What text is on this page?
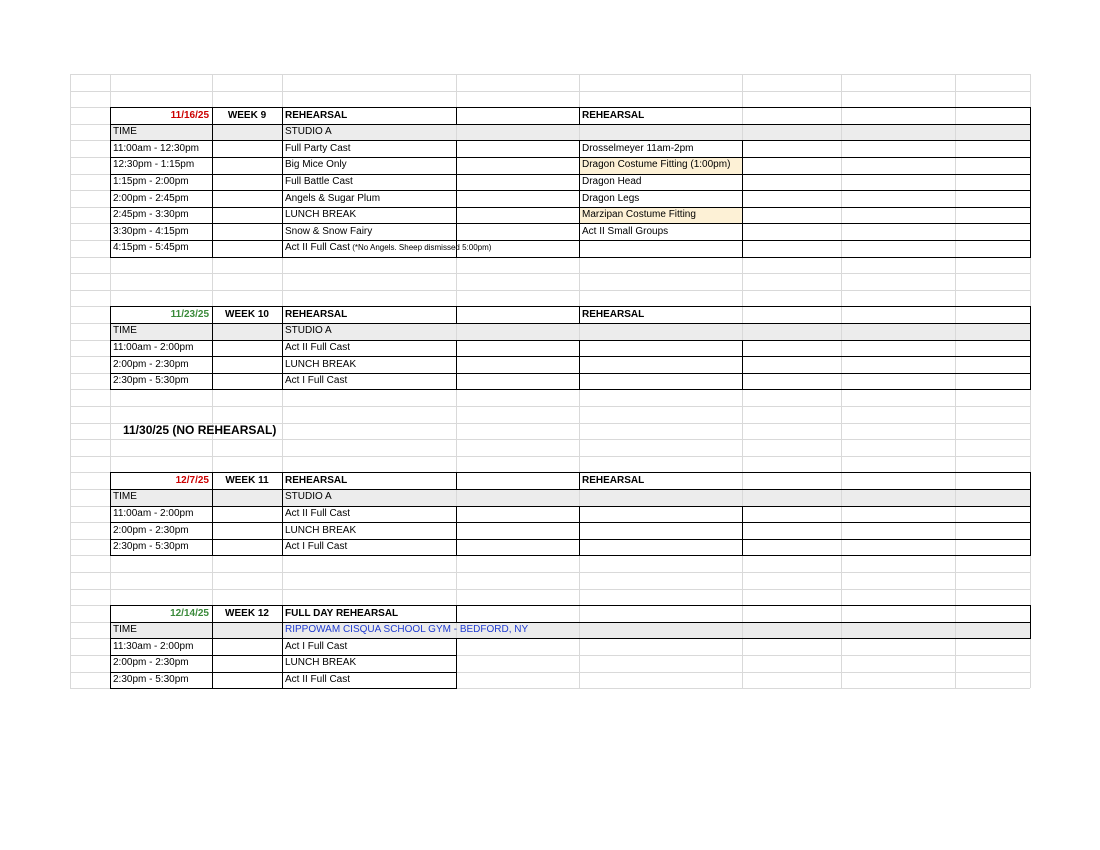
11/16/25	WEEK 9	REHEARSAL	REHEARSAL
TIME	STUDIO A
11:00am - 12:30pm	Full Party Cast	Drosselmeyer 11am-2pm
12:30pm - 1:15pm	Big Mice Only	Dragon Costume Fitting (1:00pm)
1:15pm - 2:00pm	Full Battle Cast	Dragon Head
2:00pm - 2:45pm	Angels & Sugar Plum	Dragon Legs
2:45pm - 3:30pm	LUNCH BREAK	Marzipan Costume Fitting
3:30pm - 4:15pm	Snow & Snow Fairy	Act II Small Groups
4:15pm - 5:45pm	Act II Full Cast (*No Angels. Sheep dismissed 5:00pm)
11/23/25	WEEK 10	REHEARSAL	REHEARSAL
TIME	STUDIO A
11:00am - 2:00pm	Act II Full Cast
2:00pm - 2:30pm	LUNCH BREAK
2:30pm - 5:30pm	Act I Full Cast
12/7/25	WEEK 11	REHEARSAL	REHEARSAL
TIME	STUDIO A
11:00am - 2:00pm	Act II Full Cast
2:00pm - 2:30pm	LUNCH BREAK
2:30pm - 5:30pm	Act I Full Cast
12/14/25	WEEK 12	FULL DAY REHEARSAL
TIME	RIPPOWAM CISQUA SCHOOL GYM - BEDFORD, NY
11:30am - 2:00pm	Act I Full Cast
2:00pm - 2:30pm	LUNCH BREAK
2:30pm - 5:30pm	Act II Full Cast
11/30/25 (NO REHEARSAL)
